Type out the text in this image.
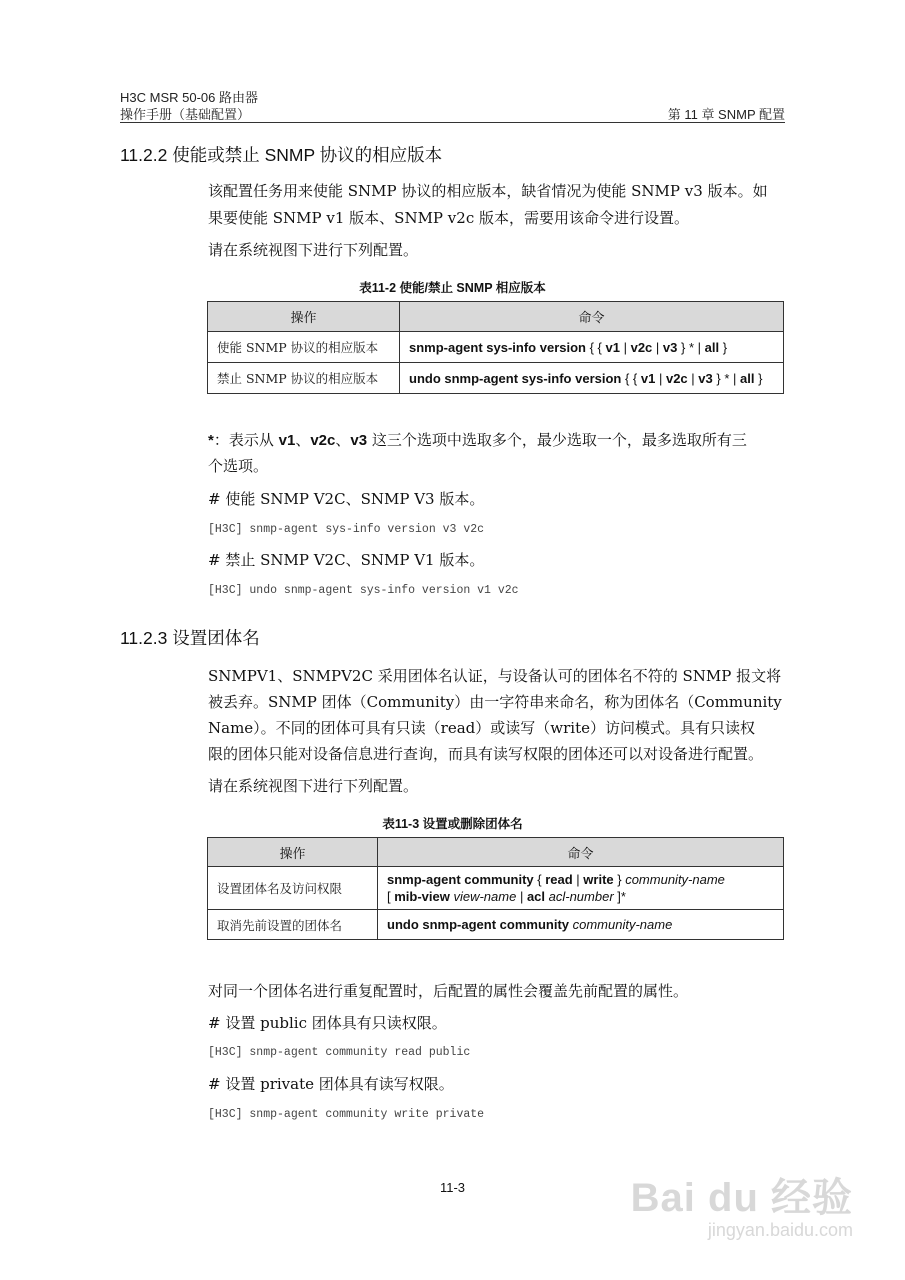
H3C MSR 50-06 路由器
操作手册（基础配置）	第 11 章 SNMP 配置
11.2.2 使能或禁止 SNMP 协议的相应版本
该配置任务用来使能 SNMP 协议的相应版本，缺省情况为使能 SNMP v3 版本。如
果要使能 SNMP v1 版本、SNMP v2c 版本，需要用该命令进行设置。
请在系统视图下进行下列配置。
表11-2 使能/禁止 SNMP 相应版本
操作	命令
使能 SNMP 协议的相应版本	snmp-agent sys-info version { { v1 | v2c | v3 } * | all }
禁止 SNMP 协议的相应版本	undo snmp-agent sys-info version { { v1 | v2c | v3 } * | all }
*：表示从 v1、v2c、v3 这三个选项中选取多个，最少选取一个，最多选取所有三
个选项。
# 使能 SNMP V2C、SNMP V3 版本。
[H3C] snmp-agent sys-info version v3 v2c
# 禁止 SNMP V2C、SNMP V1 版本。
[H3C] undo snmp-agent sys-info version v1 v2c
11.2.3 设置团体名
SNMPV1、SNMPV2C 采用团体名认证，与设备认可的团体名不符的 SNMP 报文将
被丢弃。SNMP 团体（Community）由一字符串来命名，称为团体名（Community
Name）。不同的团体可具有只读（read）或读写（write）访问模式。具有只读权
限的团体只能对设备信息进行查询，而具有读写权限的团体还可以对设备进行配置。
请在系统视图下进行下列配置。
表11-3 设置或删除团体名
操作	命令
设置团体名及访问权限	snmp-agent community { read | write } community-name
[ mib-view view-name | acl acl-number ]*
取消先前设置的团体名	undo snmp-agent community community-name
对同一个团体名进行重复配置时，后配置的属性会覆盖先前配置的属性。
# 设置 public 团体具有只读权限。
[H3C] snmp-agent community read public
# 设置 private 团体具有读写权限。
[H3C] snmp-agent community write private
11-3	Bai du 经验
jingyan.baidu.com
